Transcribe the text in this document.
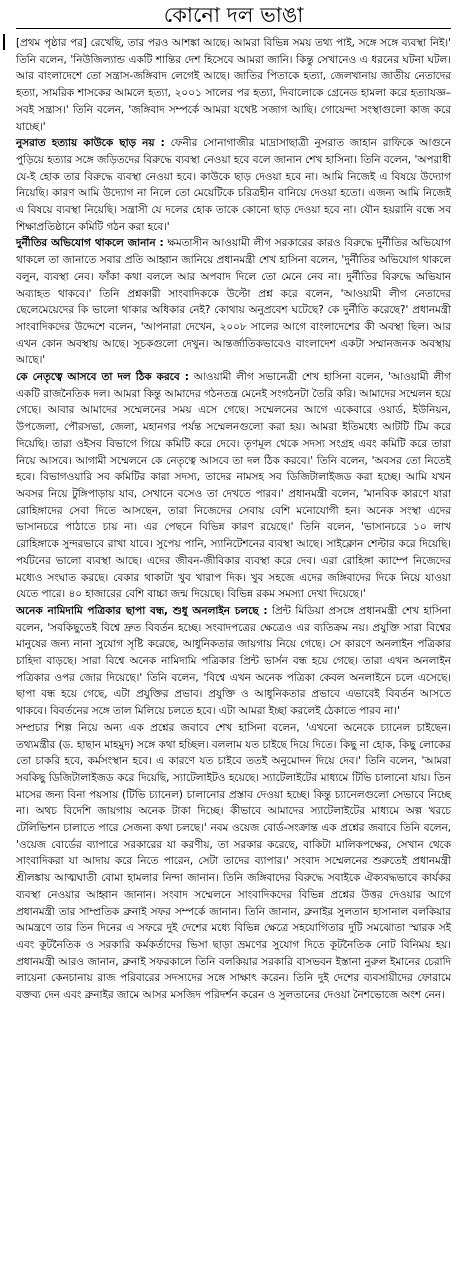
কোনো দল ভাঙা

[প্রথম পৃষ্ঠার পর] রেখেছি, তার পরও আশঙ্কা আছে। আমরা বিভিন্ন সময় তথ্য পাই, সঙ্গে সঙ্গে ব্যবস্থা নিই।' তিনি বলেন, 'নিউজিল্যান্ড একটি শান্তির দেশ হিসেবে আমরা জানি। কিন্তু সেখানেও এ ধরনের ঘটনা ঘটল। আর বাংলাদেশে তো সন্ত্রাস-জঙ্গিবাদ লেগেই আছে। জাতির পিতাকে হত্যা, জেলখানায় জাতীয় নেতাদের হত্যা, সামরিক শাসকের আমলে হত্যা, ২০০১ সালের পর হত্যা, দিবালোকে গ্রেনেড হামলা করে হত্যাযজ্ঞ– সবই সন্ত্রাস।' তিনি বলেন, 'জঙ্গিবাদ সম্পর্কে আমরা যথেষ্ট সজাগ আছি। গোয়েন্দা সংস্থাগুলো কাজ করে যাচ্ছে।'

নুসরাত হত্যায় কাউকে ছাড় নয় : ফেনীর সোনাগাজীর মাদ্রাসাছাত্রী নুসরাত জাহান রাফিকে আগুনে পুড়িয়ে হত্যার সঙ্গে জড়িতদের বিরুদ্ধে ব্যবস্থা নেওয়া হবে বলে জানান শেখ হাসিনা। তিনি বলেন, 'অপরাধী যে-ই হোক তার বিরুদ্ধে ব্যবস্থা নেওয়া হবে। কাউকে ছাড় দেওয়া হবে না। আমি নিজেই এ বিষয়ে উদ্যোগ নিয়েছি। কারণ আমি উদ্যোগ না নিলে তো মেয়েটিকে চরিত্রহীন বানিয়ে দেওয়া হতো। এজন্য আমি নিজেই এ বিষয়ে ব্যবস্থা নিয়েছি। সন্ত্রাসী যে দলের হোক তাকে কোনো ছাড় দেওয়া হবে না। যৌন হয়রানি বন্ধে সব শিক্ষাপ্রতিষ্ঠানে কমিটি গঠন করা হবে।'

দুর্নীতির অভিযোগ থাকলে জানান : ক্ষমতাসীন আওয়ামী লীগ সরকারের কারও বিরুদ্ধে দুর্নীতির অভিযোগ থাকলে তা জানাতে সবার প্রতি আহ্বান জানিয়ে প্রধানমন্ত্রী শেখ হাসিনা বলেন, 'দুর্নীতির অভিযোগ থাকলে বলুন, ব্যবস্থা নেব। ফাঁকা কথা বললে আর অপবাদ দিলে তো মেনে নেব না। দুর্নীতির বিরুদ্ধে অভিযান অব্যাহত থাকবে।' তিনি প্রশ্নকারী সাংবাদিককে উল্টো প্রশ্ন করে বলেন, 'আওয়ামী লীগ নেতাদের ছেলেমেয়েদের কি ভালো থাকার অধিকার নেই? কোথায় অনুপ্রবেশ ঘটেছে? কে দুর্নীতি করেছে?' প্রধানমন্ত্রী সাংবাদিকদের উদ্দেশে বলেন, 'আপনারা দেখেন, ২০০৮ সালের আগে বাংলাদেশের কী অবস্থা ছিল। আর এখন কোন অবস্থায় আছে। সূচকগুলো দেখুন। আন্তর্জাতিকভাবেও বাংলাদেশ একটা সম্মানজনক অবস্থায় আছে।'

কে নেতৃত্বে আসবে তা দল ঠিক করবে : আওয়ামী লীগ সভানেত্রী শেখ হাসিনা বলেন, 'আওয়ামী লীগ একটি রাজনৈতিক দল। আমরা কিন্তু আমাদের গঠনতন্ত্র মেনেই সংগঠনটা তৈরি করি। আমাদের সম্মেলন হয়ে গেছে। আবার আমাদের সম্মেলনের সময় এসে গেছে। সম্মেলনের আগে একেবারে ওয়ার্ড, ইউনিয়ন, উপজেলা, পৌরসভা, জেলা, মহানগর পর্যন্ত সম্মেলনগুলো করা হয়। আমরা ইতিমধ্যে আটটি টিম করে দিয়েছি। তারা ওইসব বিভাগে গিয়ে কমিটি করে দেবে। তৃণমূল থেকে সদস্য সংগ্রহ এবং কমিটি করে তারা নিয়ে আসবে। আগামী সম্মেলনে কে নেতৃত্বে আসবে তা দল ঠিক করবে।' তিনি বলেন, 'অবসর তো নিতেই হবে। বিভাগওয়ারি সব কমিটির কারা সদস্য, তাদের নামসহ সব ডিজিটালাইজড করা হচ্ছে। আমি যখন অবসর নিয়ে টুঙ্গিপাড়ায় যাব, সেখানে বসেও তা দেখতে পারব।' প্রধানমন্ত্রী বলেন, 'মানবিক কারণে যারা রোহিঙ্গাদের সেবা দিতে আসছেন, তারা নিজেদের সেবায় বেশি মনোযোগী হন। অনেক সংস্থা এদের ভাসানচরে পাঠাতে চায় না। এর পেছনে বিভিন্ন কারণ রয়েছে।' তিনি বলেন, 'ভাসানচরে ১০ লাখ রোহিঙ্গাকে সুন্দরভাবে রাখা যাবে। সুপেয় পানি, স্যানিটেশনের ব্যবস্থা আছে। সাইক্লোন শেল্টার করে দিয়েছি। পর্যটনের ভালো ব্যবস্থা আছে। এদের জীবন-জীবিকার ব্যবস্থা করে দেব। এরা রোহিঙ্গা ক্যাম্পে নিজেদের মধ্যেও সংঘাত করছে। বেকার থাকাটা খুব খারাপ দিক। খুব সহজে এদের জঙ্গিবাদের দিকে নিয়ে যাওয়া যেতে পারে। ৪০ হাজারের বেশি বাচ্চা জন্ম দিয়েছে। বিভিন্ন রকম সমস্যা দেখা দিয়েছে।'

অনেক নামিদামি পত্রিকার ছাপা বন্ধ, শুধু অনলাইন চলছে : প্রিন্ট মিডিয়া প্রসঙ্গে প্রধানমন্ত্রী শেখ হাসিনা বলেন, 'সবকিছুতেই বিশ্বে দ্রুত বিবর্তন হচ্ছে। সংবাদপত্রের ক্ষেত্রেও এর ব্যতিক্রম নয়। প্রযুক্তি সারা বিশ্বের মানুষের জন্য নানা সুযোগ সৃষ্টি করেছে, আধুনিকতার জায়গায় নিয়ে গেছে। সে কারণে অনলাইন পত্রিকার চাহিদা বাড়ছে। সারা বিশ্বে অনেক নামিদামি পত্রিকার প্রিন্ট ভার্সন বন্ধ হয়ে গেছে। তারা এখন অনলাইন পত্রিকার ওপর জোর দিয়েছে।' তিনি বলেন, 'বিশ্বে এখন অনেক পত্রিকা কেবল অনলাইনে চলে এসেছে। ছাপা বন্ধ হয়ে গেছে, এটা প্রযুক্তির প্রভাব। প্রযুক্তি ও আধুনিকতার প্রভাবে এভাবেই বিবর্তন আসতে থাকবে। বিবর্তনের সঙ্গে তাল মিলিয়ে চলতে হবে। এটা আমরা ইচ্ছা করলেই ঠেকাতে পারব না।'

সম্প্রচার শিল্প নিয়ে অন্য এক প্রশ্নের জবাবে শেখ হাসিনা বলেন, 'এখনো অনেকে চ্যানেল চাইছেন। তথ্যমন্ত্রীর (ড. হাছান মাহমুদ) সঙ্গে কথা হচ্ছিল। বললাম যত চাইছে দিয়ে দিতে। কিছু না হোক, কিছু লোকের তো চাকরি হবে, কর্মসংস্থান হবে। এ কারণে যত চাইবে ততই অনুমোদন দিয়ে দেব।' তিনি বলেন, 'আমরা সবকিছু ডিজিটালাইজড করে দিয়েছি, স্যাটেলাইটও হয়েছে। স্যাটেলাইটের মাধ্যমে টিভি চালানো যায়। তিন মাসের জন্য বিনা পয়সায় (টিভি চ্যানেল) চালানোর প্রস্তাব দেওয়া হচ্ছে। কিন্তু চ্যানেলগুলো সেভাবে নিচ্ছে না। অথচ বিদেশি জায়গায় অনেক টাকা দিচ্ছে। কীভাবে আমাদের স্যাটেলাইটের মাধ্যমে অল্প খরচে টেলিভিশন চালাতে পারে সেজন্য কথা চলছে।' নবম ওয়েজ বোর্ড-সংক্রান্ত এক প্রশ্নের জবাবে তিনি বলেন, 'ওয়েজ বোর্ডের ব্যাপারে সরকারের যা করণীয়, তা সরকার করেছে, বাকিটা মালিকপক্ষের, সেখান থেকে সাংবাদিকরা যা আদায় করে নিতে পারেন, সেটা তাদের ব্যাপার।' সংবাদ সম্মেলনের শুরুতেই প্রধানমন্ত্রী শ্রীলঙ্কায় আত্মঘাতী বোমা হামলার নিন্দা জানান। তিনি জঙ্গিবাদের বিরুদ্ধে সবাইকে ঐক্যবদ্ধভাবে কার্যকর ব্যবস্থা নেওয়ার আহ্বান জানান। সংবাদ সম্মেলনে সাংবাদিকদের বিভিন্ন প্রশ্নের উত্তর দেওয়ার আগে প্রধানমন্ত্রী তার সাম্প্রতিক ব্রুনাই সফর সম্পর্কে জানান। তিনি জানান, ব্রুনাইর সুলতান হাসানাল বলকিয়ার আমন্ত্রণে তার তিন দিনের এ সফরে দুই দেশের মধ্যে বিভিন্ন ক্ষেত্রে সহযোগিতার দুটি সমঝোতা স্মারক সই এবং কূটনৈতিক ও সরকারি কর্মকর্তাদের ভিসা ছাড়া ভ্রমণের সুযোগ দিতে কূটনৈতিক নোট বিনিময় হয়। প্রধানমন্ত্রী আরও জানান, ব্রুনাই সফরকালে তিনি বলকিয়ার সরকারি বাসভবন ইস্তানা নুরুল ইমানের চেরাদি লায়েনা কেনচানায় রাজ পরিবারের সদস্যদের সঙ্গে সাক্ষাৎ করেন। তিনি দুই দেশের ব্যবসায়ীদের ফোরামে বক্তব্য দেন এবং ব্রুনাইর জামে আসর মসজিদ পরিদর্শন করেন ও সুলতানের দেওয়া নৈশভোজে অংশ নেন।
